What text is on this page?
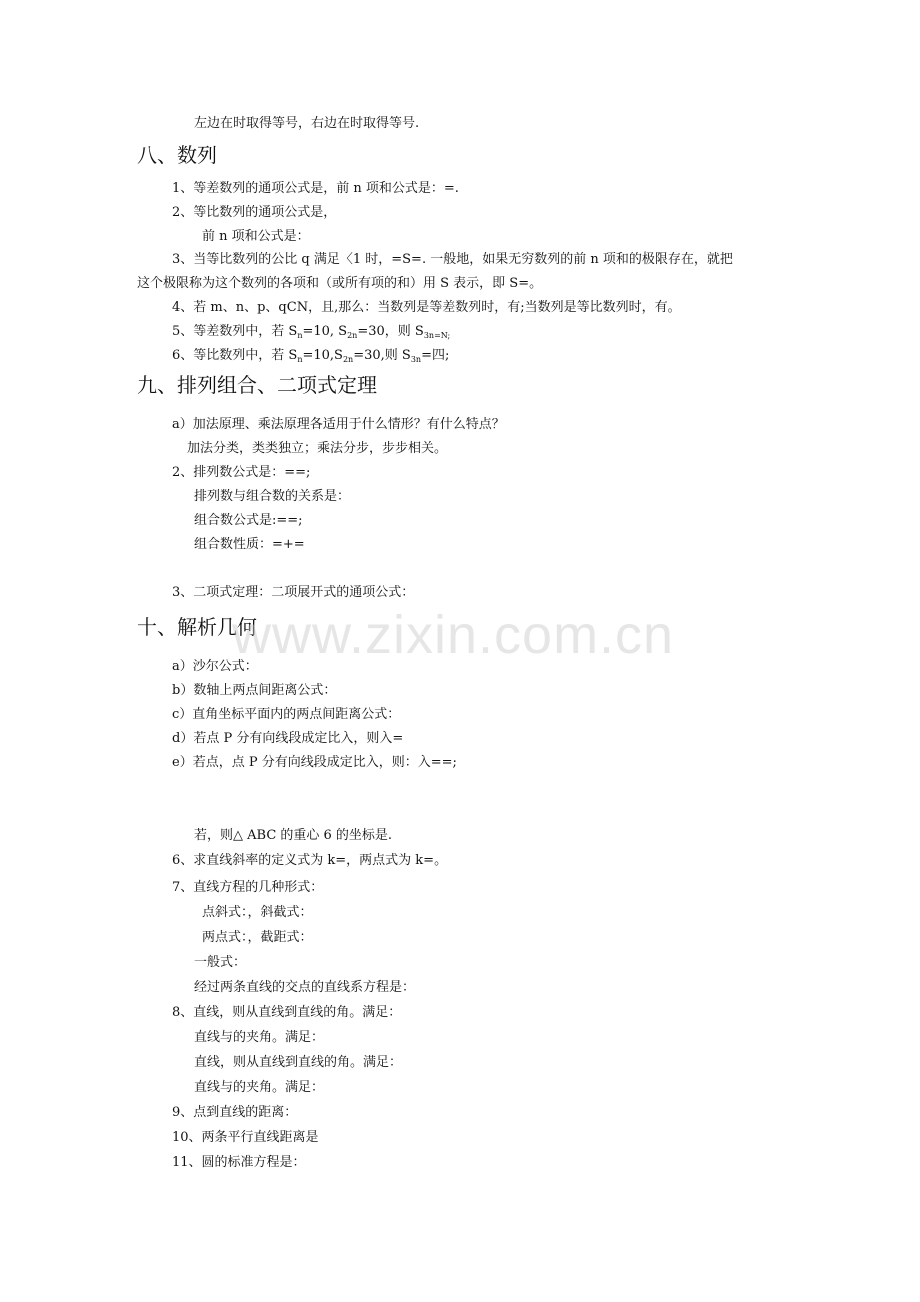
左边在时取得等号，右边在时取得等号.
八、数列
1、等差数列的通项公式是，前 n 项和公式是：=.
2、等比数列的通项公式是，
前 n 项和公式是：
3、当等比数列的公比 q 满足〈1 时，=S=. 一般地，如果无穷数列的前 n 项和的极限存在，就把
这个极限称为这个数列的各项和（或所有项的和）用 S 表示，即 S=。
4、若 m、n、p、qCN，且,那么：当数列是等差数列时，有;当数列是等比数列时，有。
5、等差数列中，若 $S_n=10$, $S_{2n}=30$，则 $S_{3n=N;}$
6、等比数列中，若 $S_n=10,S_{2n}=30$,则 $S_{3n}=$四;
九、排列组合、二项式定理
a）加法原理、乘法原理各适用于什么情形？有什么特点？
加法分类，类类独立；乘法分步，步步相关。
2、排列数公式是：==;
排列数与组合数的关系是：
组合数公式是:==;
组合数性质：=+=
3、二项式定理：二项展开式的通项公式：
十、解析几何
www.zixin.com.cn
a）沙尔公式：
b）数轴上两点间距离公式：
c）直角坐标平面内的两点间距离公式：
d）若点 P 分有向线段成定比入，则入=
e）若点，点 P 分有向线段成定比入，则：入==;
若，则△ ABC 的重心 6 的坐标是.
6、求直线斜率的定义式为 k=，两点式为 k=。
7、直线方程的几种形式：
点斜式：，斜截式：
两点式：，截距式：
一般式：
经过两条直线的交点的直线系方程是：
8、直线，则从直线到直线的角。满足：
直线与的夹角。满足：
直线，则从直线到直线的角。满足：
直线与的夹角。满足：
9、点到直线的距离：
10、两条平行直线距离是
11、圆的标准方程是：
